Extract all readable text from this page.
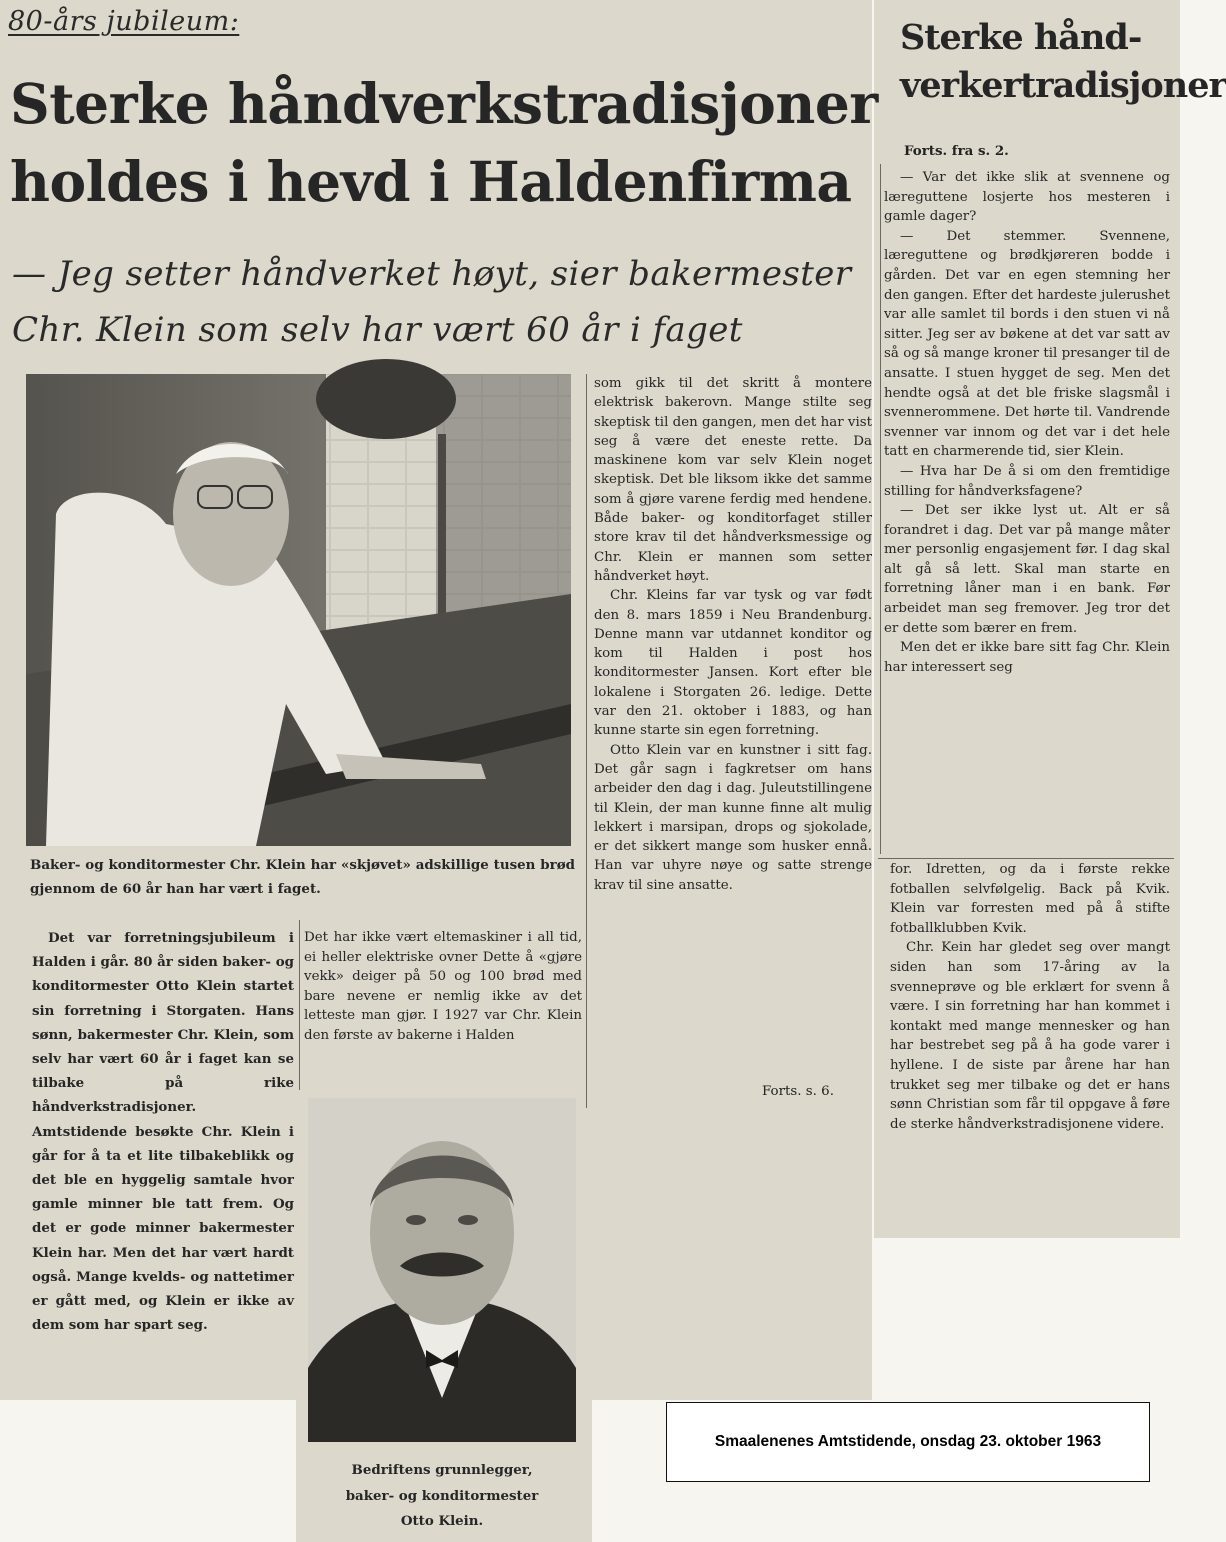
80-års jubileum:
Sterke håndverkstradisjoner
holdes i hevd i Haldenfirma
— Jeg setter håndverket høyt, sier bakermester
Chr. Klein som selv har vært 60 år i faget
Baker- og konditormester Chr. Klein har «skjøvet» adskillige tusen brød gjennom de 60 år han har vært i faget.

Det var forretningsjubileum i Halden i går. 80 år siden baker- og konditormester Otto Klein startet sin forretning i Storgaten. Hans sønn, bakermester Chr. Klein, som selv har vært 60 år i faget kan se tilbake på rike håndverkstradisjoner. Amtstidende besøkte Chr. Klein i går for å ta et lite tilbakeblikk og det ble en hyggelig samtale hvor gamle minner ble tatt frem. Og det er gode minner bakermester Klein har. Men det har vært hardt også. Mange kvelds- og nattetimer er gått med, og Klein er ikke av dem som har spart seg.

Det har ikke vært eltemaskiner i all tid, ei heller elektriske ovner Dette å «gjøre vekk» deiger på 50 og 100 brød med bare nevene er nemlig ikke av det letteste man gjør. I 1927 var Chr. Klein den første av bakerne i Halden

som gikk til det skritt å montere elektrisk bakerovn. Mange stilte seg skeptisk til den gangen, men det har vist seg å være det eneste rette. Da maskinene kom var selv Klein noget skeptisk. Det ble liksom ikke det samme som å gjøre varene ferdig med hendene. Både baker- og konditorfaget stiller store krav til det håndverksmessige og Chr. Klein er mannen som setter håndverket høyt.

Chr. Kleins far var tysk og var født den 8. mars 1859 i Neu Brandenburg. Denne mann var utdannet konditor og kom til Halden i post hos konditormester Jansen. Kort efter ble lokalene i Storgaten 26. ledige. Dette var den 21. oktober i 1883, og han kunne starte sin egen forretning.

Otto Klein var en kunstner i sitt fag. Det går sagn i fagkretser om hans arbeider den dag i dag. Juleutstillingene til Klein, der man kunne finne alt mulig lekkert i marsipan, drops og sjokolade, er det sikkert mange som husker ennå. Han var uhyre nøye og satte strenge krav til sine ansatte.

Forts. s. 6.
Bedriftens grunnlegger,
baker- og konditormester
Otto Klein.
Sterke hånd-
verkertradisjoner
Forts. fra s. 2.

— Var det ikke slik at svennene og læreguttene losjerte hos mesteren i gamle dager?

— Det stemmer. Svennene, læreguttene og brødkjøreren bodde i gården. Det var en egen stemning her den gangen. Efter det hardeste julerushet var alle samlet til bords i den stuen vi nå sitter. Jeg ser av bøkene at det var satt av så og så mange kroner til presanger til de ansatte. I stuen hygget de seg. Men det hendte også at det ble friske slagsmål i svennerommene. Det hørte til. Vandrende svenner var innom og det var i det hele tatt en charmerende tid, sier Klein.

— Hva har De å si om den fremtidige stilling for håndverksfagene?

— Det ser ikke lyst ut. Alt er så forandret i dag. Det var på mange måter mer personlig engasjement før. I dag skal alt gå så lett. Skal man starte en forretning låner man i en bank. Før arbeidet man seg fremover. Jeg tror det er dette som bærer en frem.

Men det er ikke bare sitt fag Chr. Klein har interessert seg

for. Idretten, og da i første rekke fotballen selvfølgelig. Back på Kvik. Klein var forresten med på å stifte fotballklubben Kvik.

Chr. Kein har gledet seg over mangt siden han som 17-åring av la svenneprøve og ble erklært for svenn å være. I sin forretning har han kommet i kontakt med mange mennesker og han har bestrebet seg på å ha gode varer i hyllene. I de siste par årene har han trukket seg mer tilbake og det er hans sønn Christian som får til oppgave å føre de sterke håndverkstradisjonene videre.

Smaalenenes Amtstidende, onsdag 23. oktober 1963
